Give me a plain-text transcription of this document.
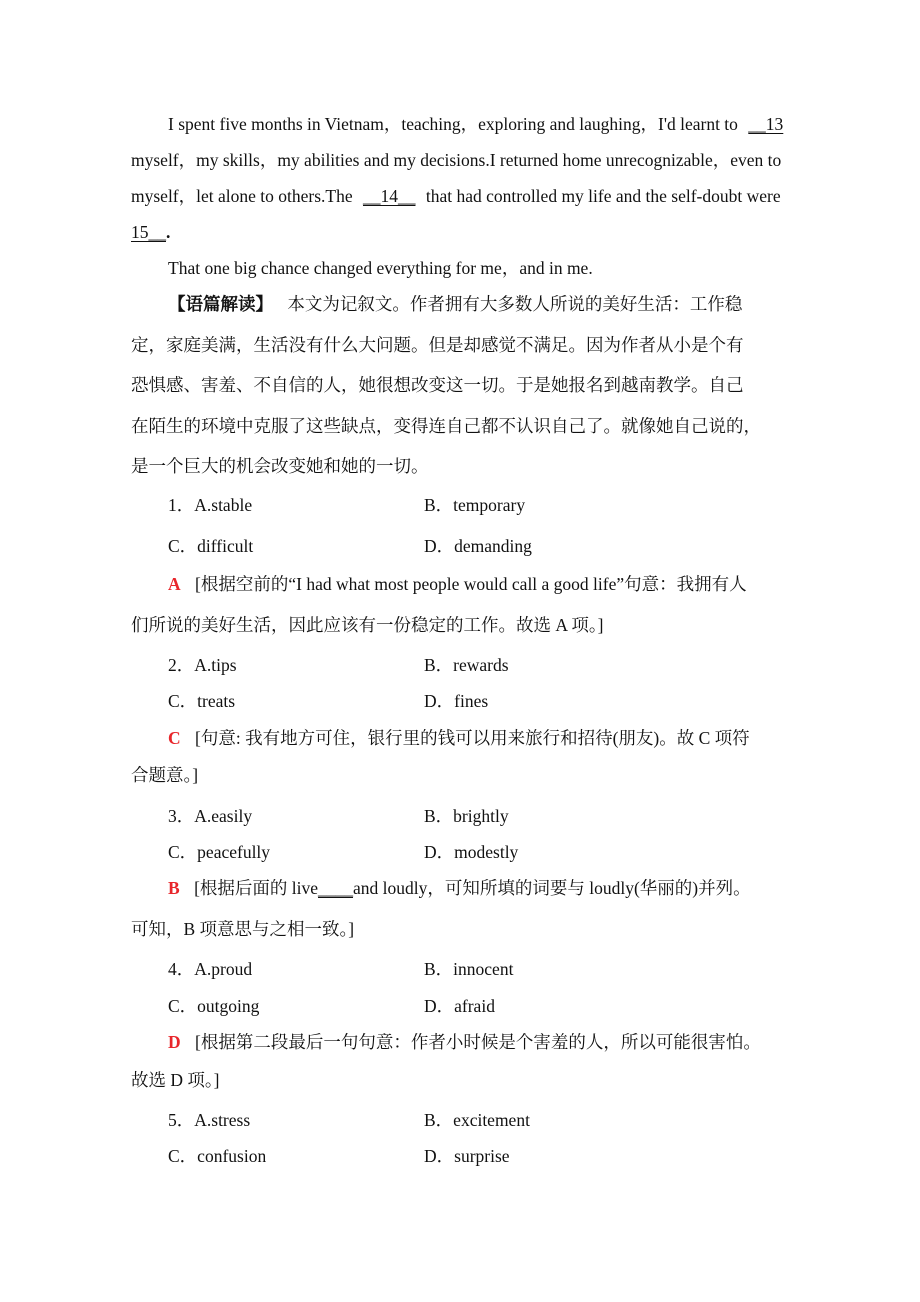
I spent five months in Vietnam，teaching，exploring and laughing，I'd learnt to __13
myself，my skills，my abilities and my decisions.I returned home unrecognizable，even to
myself，let alone to others.The __14__ that had controlled my life and the self-doubt were
15__.
That one big chance changed everything for me，and in me.
【语篇解读】 本文为记叙文。作者拥有大多数人所说的美好生活：工作稳
定，家庭美满，生活没有什么大问题。但是却感觉不满足。因为作者从小是个有
恐惧感、害羞、不自信的人，她很想改变这一切。于是她报名到越南教学。自己
在陌生的环境中克服了这些缺点，变得连自己都不认识自己了。就像她自己说的，
是一个巨大的机会改变她和她的一切。
1．A.stable	B．temporary
C．difficult	D．demanding
A [根据空前的“I had what most people would call a good life”句意：我拥有人
们所说的美好生活，因此应该有一份稳定的工作。故选 A 项。]
2．A.tips	B．rewards
C．treats	D．fines
C [句意: 我有地方可住，银行里的钱可以用来旅行和招待(朋友)。故 C 项符
合题意。]
3．A.easily	B．brightly
C．peacefully	D．modestly
B [根据后面的 live____and loudly，可知所填的词要与 loudly(华丽的)并列。
可知，B 项意思与之相一致。]
4．A.proud	B．innocent
C．outgoing	D．afraid
D [根据第二段最后一句句意：作者小时候是个害羞的人，所以可能很害怕。
故选 D 项。]
5．A.stress	B．excitement
C．confusion	D．surprise
